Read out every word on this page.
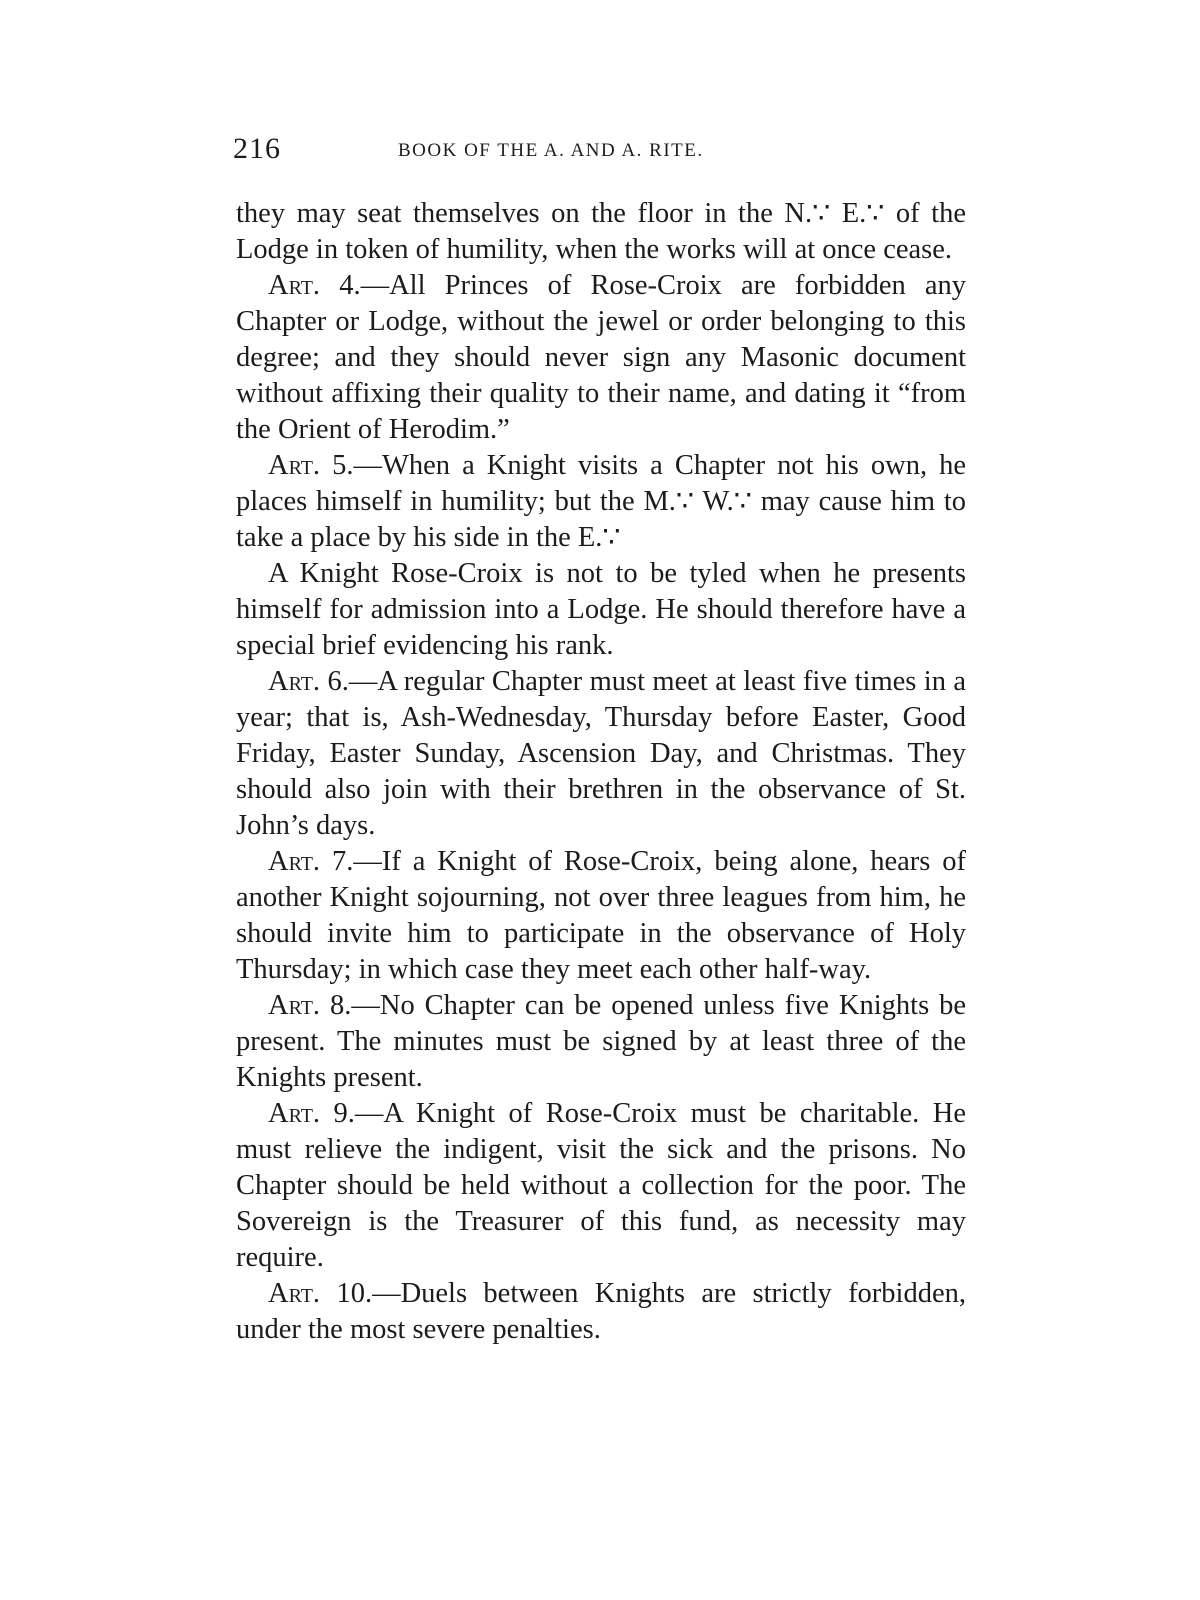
216	BOOK OF THE A. AND A. RITE.

they may seat themselves on the floor in the N.∵ E.∵ of the Lodge in token of humility, when the works will at once cease.

Art. 4.—All Princes of Rose-Croix are forbidden any Chapter or Lodge, without the jewel or order belonging to this degree; and they should never sign any Masonic document without affixing their quality to their name, and dating it “from the Orient of Herodim.”

Art. 5.—When a Knight visits a Chapter not his own, he places himself in humility; but the M.∵ W.∵ may cause him to take a place by his side in the E.∵

A Knight Rose-Croix is not to be tyled when he presents himself for admission into a Lodge. He should therefore have a special brief evidencing his rank.

Art. 6.—A regular Chapter must meet at least five times in a year; that is, Ash-Wednesday, Thursday before Easter, Good Friday, Easter Sunday, Ascension Day, and Christmas. They should also join with their brethren in the observance of St. John’s days.

Art. 7.—If a Knight of Rose-Croix, being alone, hears of another Knight sojourning, not over three leagues from him, he should invite him to participate in the observance of Holy Thursday; in which case they meet each other half-way.

Art. 8.—No Chapter can be opened unless five Knights be present. The minutes must be signed by at least three of the Knights present.

Art. 9.—A Knight of Rose-Croix must be charitable. He must relieve the indigent, visit the sick and the prisons. No Chapter should be held without a collection for the poor. The Sovereign is the Treasurer of this fund, as necessity may require.

Art. 10.—Duels between Knights are strictly forbidden, under the most severe penalties.
